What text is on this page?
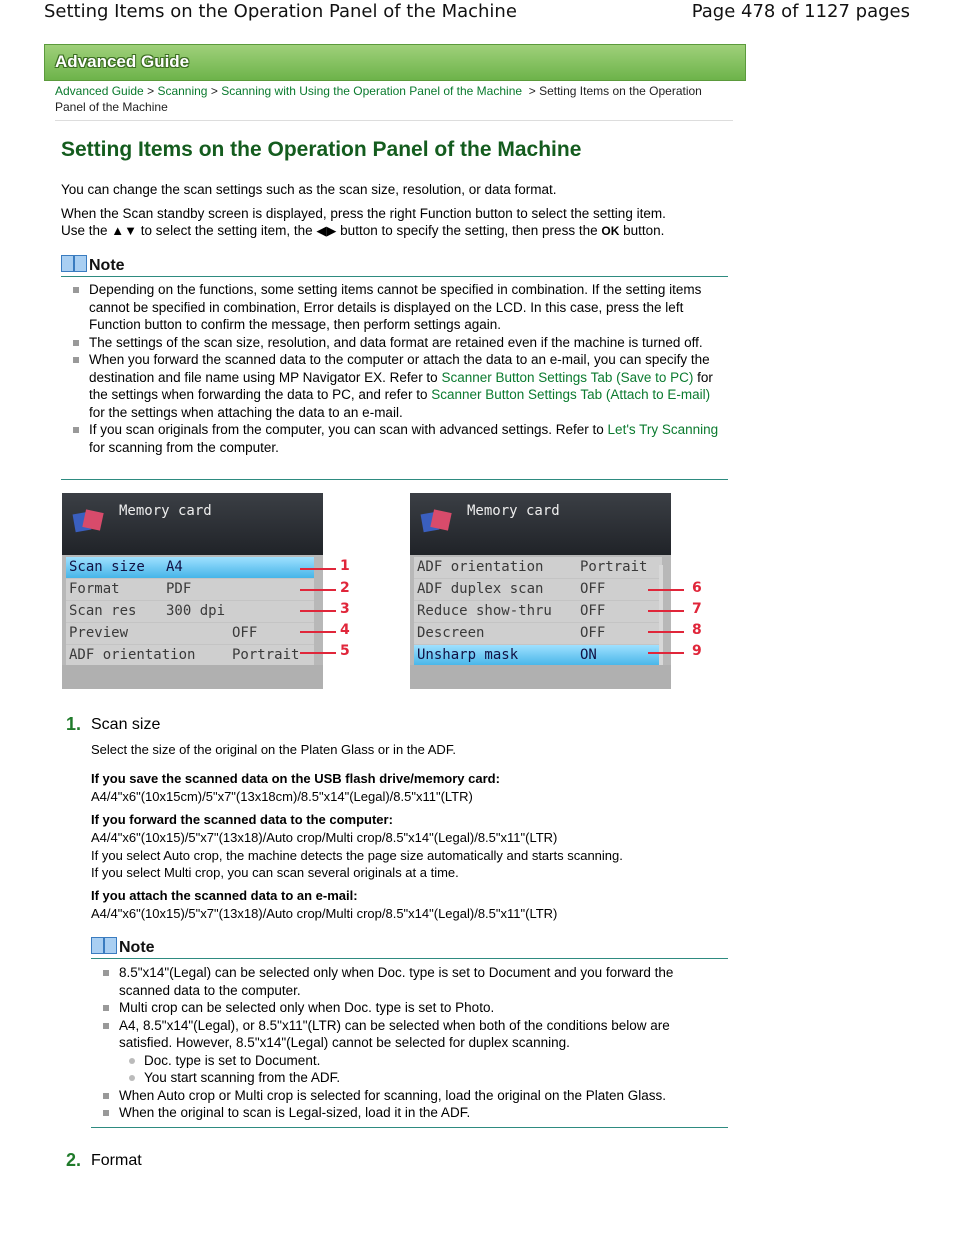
Setting Items on the Operation Panel of the Machine	Page 478 of 1127 pages
Advanced Guide
Advanced Guide > Scanning > Scanning with Using the Operation Panel of the Machine > Setting Items on the Operation Panel of the Machine
Setting Items on the Operation Panel of the Machine
You can change the scan settings such as the scan size, resolution, or data format.
When the Scan standby screen is displayed, press the right Function button to select the setting item.
Use the ▲▼ to select the setting item, the ◀▶ button to specify the setting, then press the OK button.
Note
Depending on the functions, some setting items cannot be specified in combination. If the setting items cannot be specified in combination, Error details is displayed on the LCD. In this case, press the left Function button to confirm the message, then perform settings again.
The settings of the scan size, resolution, and data format are retained even if the machine is turned off.
When you forward the scanned data to the computer or attach the data to an e-mail, you can specify the destination and file name using MP Navigator EX. Refer to Scanner Button Settings Tab (Save to PC) for the settings when forwarding the data to PC, and refer to Scanner Button Settings Tab (Attach to E-mail) for the settings when attaching the data to an e-mail.
If you scan originals from the computer, you can scan with advanced settings. Refer to Let's Try Scanning for scanning from the computer.
Memory card
Scan size A4
Format	PDF
Scan res 300 dpi
Preview	OFF
ADF orientation	Portrait
1
2
3
4
5
Memory card
ADF orientation	Portrait
ADF duplex scan	OFF
Reduce show-thru OFF
Descreen	OFF
Unsharp mask	ON
6
7
8
9
1. Scan size
Select the size of the original on the Platen Glass or in the ADF.
If you save the scanned data on the USB flash drive/memory card:
A4/4"x6"(10x15cm)/5"x7"(13x18cm)/8.5"x14"(Legal)/8.5"x11"(LTR)
If you forward the scanned data to the computer:
A4/4"x6"(10x15)/5"x7"(13x18)/Auto crop/Multi crop/8.5"x14"(Legal)/8.5"x11"(LTR)
If you select Auto crop, the machine detects the page size automatically and starts scanning.
If you select Multi crop, you can scan several originals at a time.
If you attach the scanned data to an e-mail:
A4/4"x6"(10x15)/5"x7"(13x18)/Auto crop/Multi crop/8.5"x14"(Legal)/8.5"x11"(LTR)
Note
8.5"x14"(Legal) can be selected only when Doc. type is set to Document and you forward the scanned data to the computer.
Multi crop can be selected only when Doc. type is set to Photo.
A4, 8.5"x14"(Legal), or 8.5"x11"(LTR) can be selected when both of the conditions below are satisfied. However, 8.5"x14"(Legal) cannot be selected for duplex scanning.
Doc. type is set to Document.
You start scanning from the ADF.
When Auto crop or Multi crop is selected for scanning, load the original on the Platen Glass.
When the original to scan is Legal-sized, load it in the ADF.
2. Format
